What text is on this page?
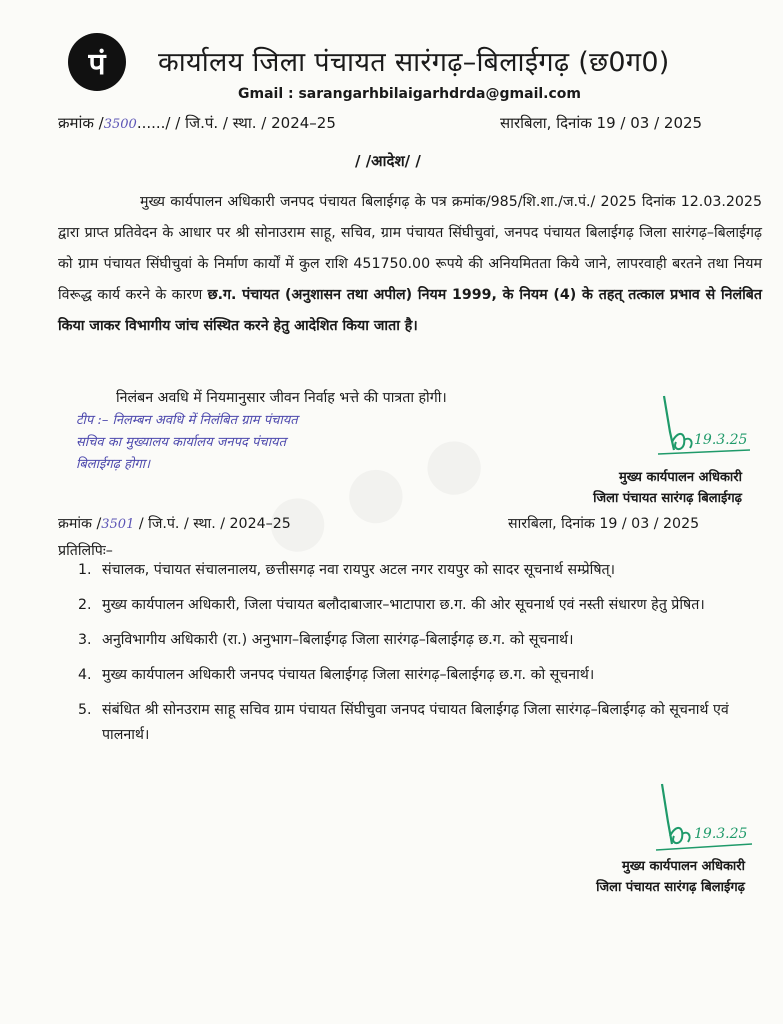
पं कार्यालय जिला पंचायत सारंगढ़–बिलाईगढ़ (छ0ग0)
Gmail : sarangarhbilaigarhdrda@gmail.com
क्रमांक /3500....../ / जि.पं. / स्था. / 2024–25	सारबिला, दिनांक 19 / 03 / 2025
/ /आदेश/ /
मुख्य कार्यपालन अधिकारी जनपद पंचायत बिलाईगढ़ के पत्र क्रमांक/985/शि.शा./ज.पं./ 2025 दिनांक 12.03.2025 द्वारा प्राप्त प्रतिवेदन के आधार पर श्री सोनाउराम साहू, सचिव, ग्राम पंचायत सिंघीचुवां, जनपद पंचायत बिलाईगढ़ जिला सारंगढ़–बिलाईगढ़ को ग्राम पंचायत सिंघीचुवां के निर्माण कार्यों में कुल राशि 451750.00 रूपये की अनियमितता किये जाने, लापरवाही बरतने तथा नियम विरूद्ध कार्य करने के कारण छ.ग. पंचायत (अनुशासन तथा अपील) नियम 1999, के नियम (4) के तहत् तत्काल प्रभाव से निलंबित किया जाकर विभागीय जांच संस्थित करने हेतु आदेशित किया जाता है।
निलंबन अवधि में नियमानुसार जीवन निर्वाह भत्ते की पात्रता होगी।
टीप :– निलम्बन अवधि में निलंबित ग्राम पंचायत
सचिव का मुख्यालय कार्यालय जनपद पंचायत
बिलाईगढ़ होगा।
19.3.25
मुख्य कार्यपालन अधिकारी
जिला पंचायत सारंगढ़ बिलाईगढ़
क्रमांक /3501 / जि.पं. / स्था. / 2024–25	सारबिला, दिनांक 19 / 03 / 2025
प्रतिलिपिः–
1. संचालक, पंचायत संचालनालय, छत्तीसगढ़ नवा रायपुर अटल नगर रायपुर को सादर सूचनार्थ सम्प्रेषित्।
2. मुख्य कार्यपालन अधिकारी, जिला पंचायत बलौदाबाजार–भाटापारा छ.ग. की ओर सूचनार्थ एवं नस्ती संधारण हेतु प्रेषित।
3. अनुविभागीय अधिकारी (रा.) अनुभाग–बिलाईगढ़ जिला सारंगढ़–बिलाईगढ़ छ.ग. को सूचनार्थ।
4. मुख्य कार्यपालन अधिकारी जनपद पंचायत बिलाईगढ़ जिला सारंगढ़–बिलाईगढ़ छ.ग. को सूचनार्थ।
5. संबंधित श्री सोनउराम साहू सचिव ग्राम पंचायत सिंघीचुवा जनपद पंचायत बिलाईगढ़ जिला सारंगढ़–बिलाईगढ़ को सूचनार्थ एवं पालनार्थ।
19.3.25
मुख्य कार्यपालन अधिकारी
जिला पंचायत सारंगढ़ बिलाईगढ़
